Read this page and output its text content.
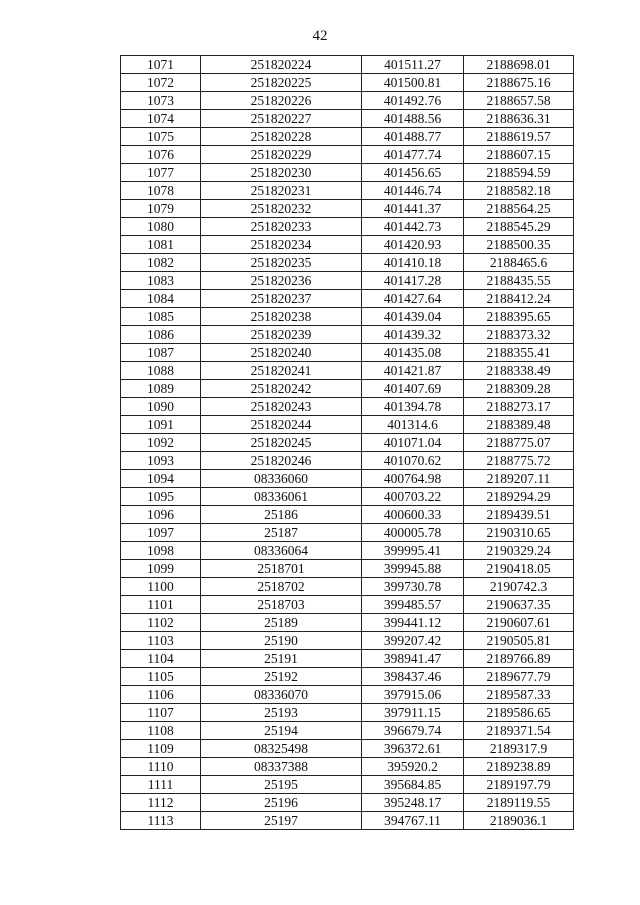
42
1071	251820224	401511.27	2188698.01
1072	251820225	401500.81	2188675.16
1073	251820226	401492.76	2188657.58
1074	251820227	401488.56	2188636.31
1075	251820228	401488.77	2188619.57
1076	251820229	401477.74	2188607.15
1077	251820230	401456.65	2188594.59
1078	251820231	401446.74	2188582.18
1079	251820232	401441.37	2188564.25
1080	251820233	401442.73	2188545.29
1081	251820234	401420.93	2188500.35
1082	251820235	401410.18	2188465.6
1083	251820236	401417.28	2188435.55
1084	251820237	401427.64	2188412.24
1085	251820238	401439.04	2188395.65
1086	251820239	401439.32	2188373.32
1087	251820240	401435.08	2188355.41
1088	251820241	401421.87	2188338.49
1089	251820242	401407.69	2188309.28
1090	251820243	401394.78	2188273.17
1091	251820244	401314.6	2188389.48
1092	251820245	401071.04	2188775.07
1093	251820246	401070.62	2188775.72
1094	08336060	400764.98	2189207.11
1095	08336061	400703.22	2189294.29
1096	25186	400600.33	2189439.51
1097	25187	400005.78	2190310.65
1098	08336064	399995.41	2190329.24
1099	2518701	399945.88	2190418.05
1100	2518702	399730.78	2190742.3
1101	2518703	399485.57	2190637.35
1102	25189	399441.12	2190607.61
1103	25190	399207.42	2190505.81
1104	25191	398941.47	2189766.89
1105	25192	398437.46	2189677.79
1106	08336070	397915.06	2189587.33
1107	25193	397911.15	2189586.65
1108	25194	396679.74	2189371.54
1109	08325498	396372.61	2189317.9
1110	08337388	395920.2	2189238.89
1111	25195	395684.85	2189197.79
1112	25196	395248.17	2189119.55
1113	25197	394767.11	2189036.1
